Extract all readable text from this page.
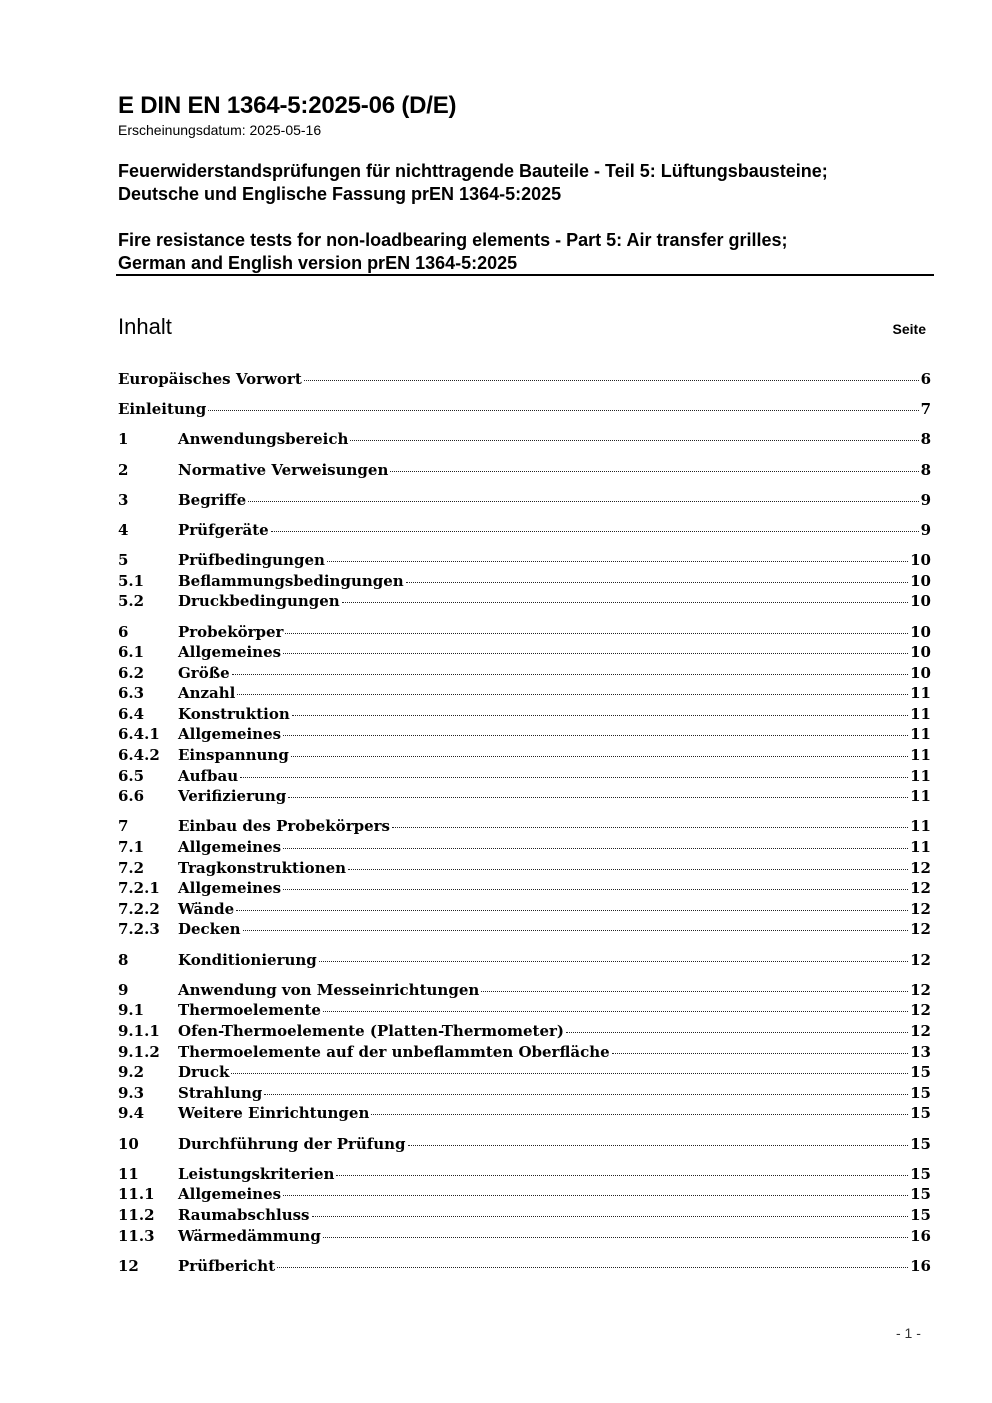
E DIN EN 1364-5:2025-06 (D/E)
Erscheinungsdatum: 2025-05-16
Feuerwiderstandsprüfungen für nichttragende Bauteile - Teil 5: Lüftungsbausteine;
Deutsche und Englische Fassung prEN 1364-5:2025
Fire resistance tests for non-loadbearing elements - Part 5: Air transfer grilles;
German and English version prEN 1364-5:2025
Inhalt	Seite
Europäisches Vorwort	6
Einleitung	7
1	Anwendungsbereich	8
2	Normative Verweisungen	8
3	Begriffe	9
4	Prüfgeräte	9
5	Prüfbedingungen	10
5.1	Beflammungsbedingungen	10
5.2	Druckbedingungen	10
6	Probekörper	10
6.1	Allgemeines	10
6.2	Größe	10
6.3	Anzahl	11
6.4	Konstruktion	11
6.4.1	Allgemeines	11
6.4.2	Einspannung	11
6.5	Aufbau	11
6.6	Verifizierung	11
7	Einbau des Probekörpers	11
7.1	Allgemeines	11
7.2	Tragkonstruktionen	12
7.2.1	Allgemeines	12
7.2.2	Wände	12
7.2.3	Decken	12
8	Konditionierung	12
9	Anwendung von Messeinrichtungen	12
9.1	Thermoelemente	12
9.1.1	Ofen-Thermoelemente (Platten-Thermometer)	12
9.1.2	Thermoelemente auf der unbeflammten Oberfläche	13
9.2	Druck	15
9.3	Strahlung	15
9.4	Weitere Einrichtungen	15
10	Durchführung der Prüfung	15
11	Leistungskriterien	15
11.1	Allgemeines	15
11.2	Raumabschluss	15
11.3	Wärmedämmung	16
12	Prüfbericht	16
- 1 -
